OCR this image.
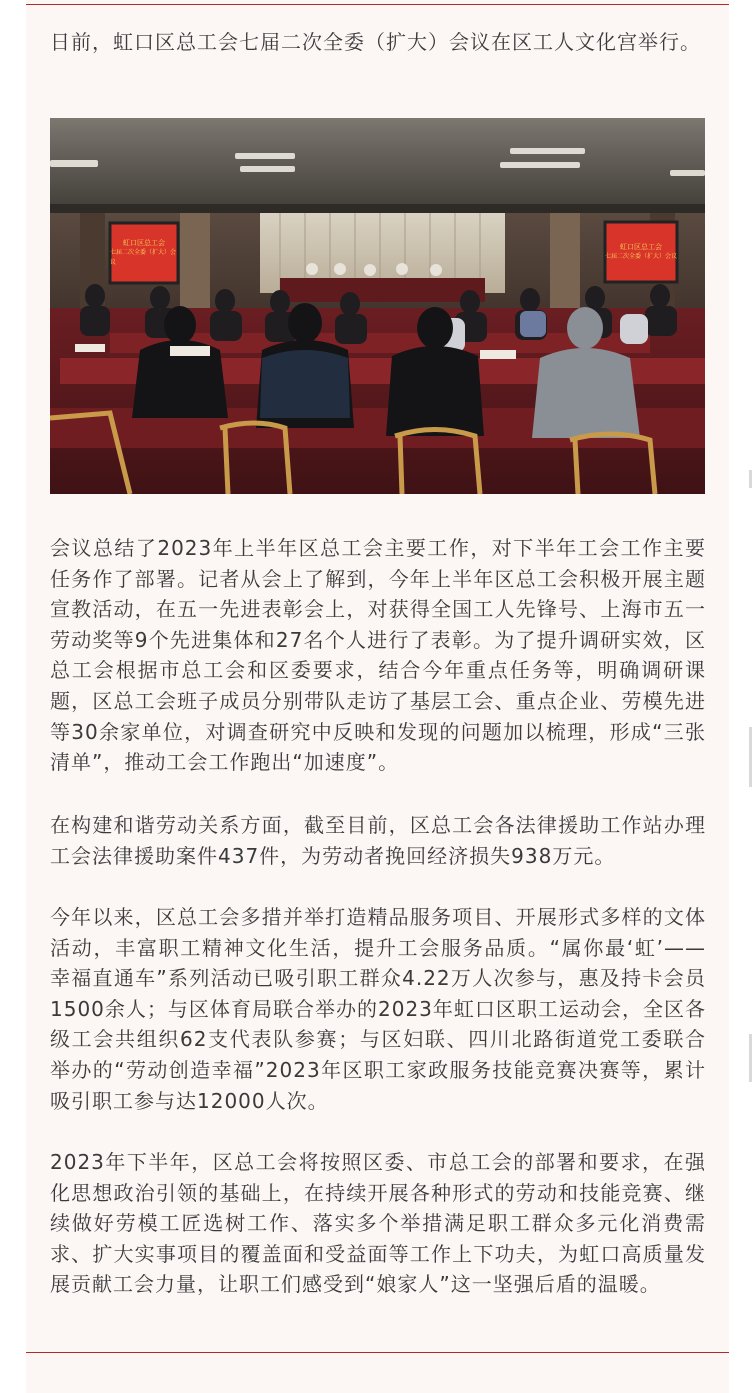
日前，虹口区总工会七届二次全委（扩大）会议在区工人文化宫举行。

虹口区总工会
七届二次全委（扩大）会议
虹口区总工会
七届二次全委（扩大）会议

会议总结了2023年上半年区总工会主要工作，对下半年工会工作主要任务作了部署。记者从会上了解到，今年上半年区总工会积极开展主题宣教活动，在五一先进表彰会上，对获得全国工人先锋号、上海市五一劳动奖等9个先进集体和27名个人进行了表彰。为了提升调研实效，区总工会根据市总工会和区委要求，结合今年重点任务等，明确调研课题，区总工会班子成员分别带队走访了基层工会、重点企业、劳模先进等30余家单位，对调查研究中反映和发现的问题加以梳理，形成“三张清单”，推动工会工作跑出“加速度”。

在构建和谐劳动关系方面，截至目前，区总工会各法律援助工作站办理工会法律援助案件437件，为劳动者挽回经济损失938万元。

今年以来，区总工会多措并举打造精品服务项目、开展形式多样的文体活动，丰富职工精神文化生活，提升工会服务品质。“属你最‘虹’——幸福直通车”系列活动已吸引职工群众4.22万人次参与，惠及持卡会员1500余人；与区体育局联合举办的2023年虹口区职工运动会，全区各级工会共组织62支代表队参赛；与区妇联、四川北路街道党工委联合举办的“劳动创造幸福”2023年区职工家政服务技能竞赛决赛等，累计吸引职工参与达12000人次。

2023年下半年，区总工会将按照区委、市总工会的部署和要求，在强化思想政治引领的基础上，在持续开展各种形式的劳动和技能竞赛、继续做好劳模工匠选树工作、落实多个举措满足职工群众多元化消费需求、扩大实事项目的覆盖面和受益面等工作上下功夫，为虹口高质量发展贡献工会力量，让职工们感受到“娘家人”这一坚强后盾的温暖。
